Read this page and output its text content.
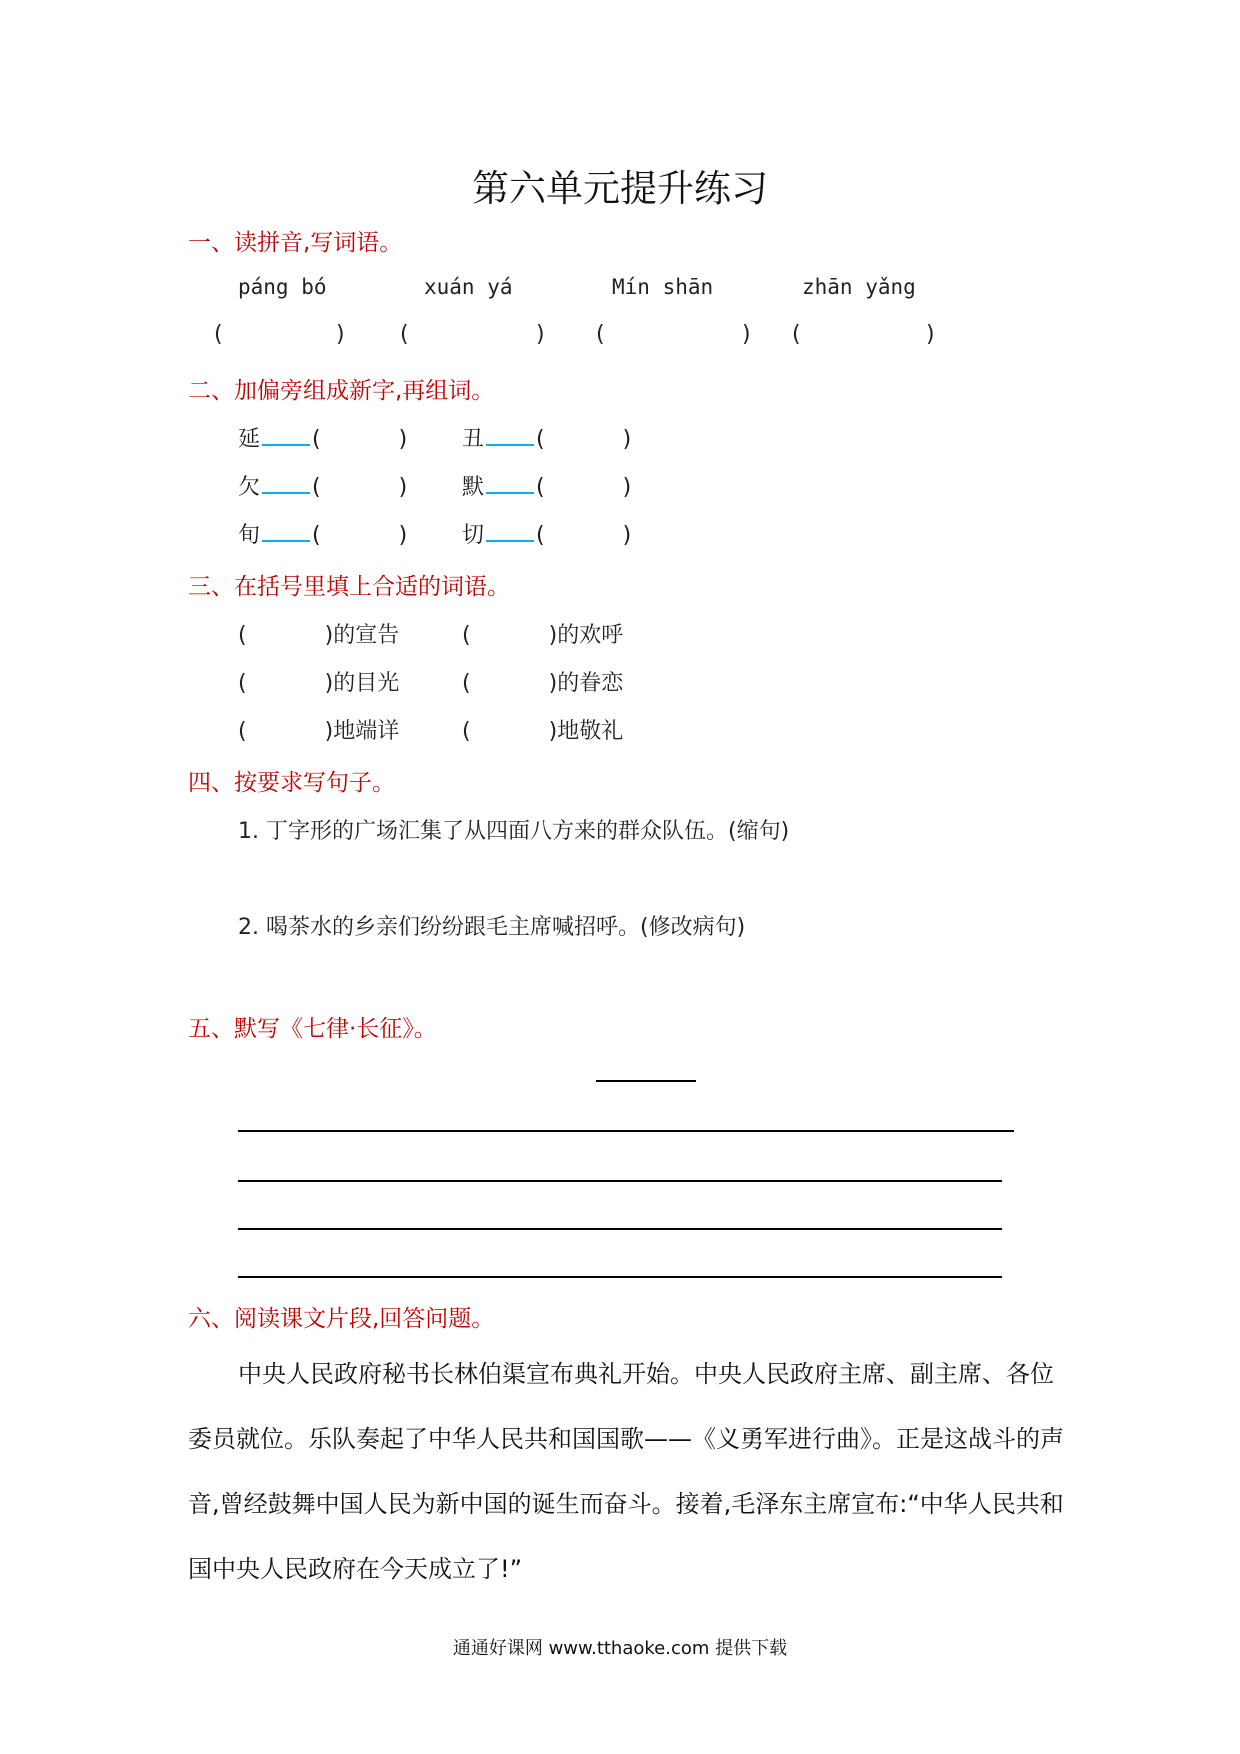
第六单元提升练习
一、读拼音,写词语。
páng bó	xuán yá	Mín shān	zhān yǎng
(	)	(	) (	) (	)
二、加偏旁组成新字,再组词。
延 (	) 丑 (	)
欠 (	) 默 (	)
旬 (	) 切 (	)
三、在括号里填上合适的词语。
(	)的宣告	(	)的欢呼
(	)的目光	(	)的眷恋
(	)地端详	(	)地敬礼
四、按要求写句子。
1. 丁字形的广场汇集了从四面八方来的群众队伍。(缩句)
2. 喝茶水的乡亲们纷纷跟毛主席喊招呼。(修改病句)
五、默写《七律·长征》。
六、阅读课文片段,回答问题。
中央人民政府秘书长林伯渠宣布典礼开始。中央人民政府主席、副主席、各位委员就位。乐队奏起了中华人民共和国国歌——《义勇军进行曲》。正是这战斗的声音,曾经鼓舞中国人民为新中国的诞生而奋斗。接着,毛泽东主席宣布:“中华人民共和国中央人民政府在今天成立了!”
通通好课网 www.tthaoke.com 提供下载
